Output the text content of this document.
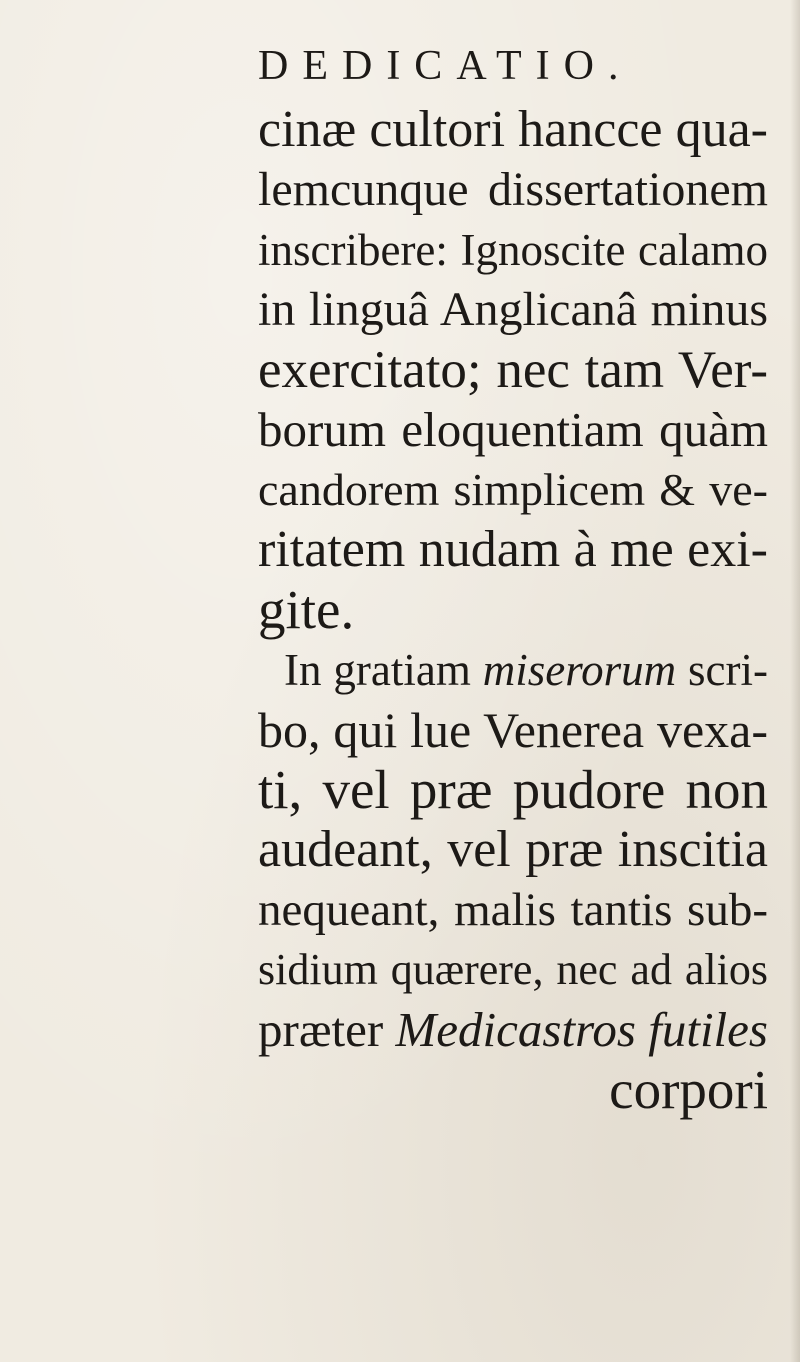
DEDICATIO.
cinæ cultori hancce qua-
lemcunque dissertationem
inscribere: Ignoscite calamo
in linguâ Anglicanâ minus
exercitato; nec tam Ver-
borum eloquentiam quàm
candorem simplicem & ve-
ritatem nudam à me exi-
gite.
In gratiam miserorum scri-
bo, qui lue Venerea vexa-
ti, vel præ pudore non
audeant, vel præ inscitia
nequeant, malis tantis sub-
sidium quærere, nec ad alios
præter Medicastros futiles
corpori
